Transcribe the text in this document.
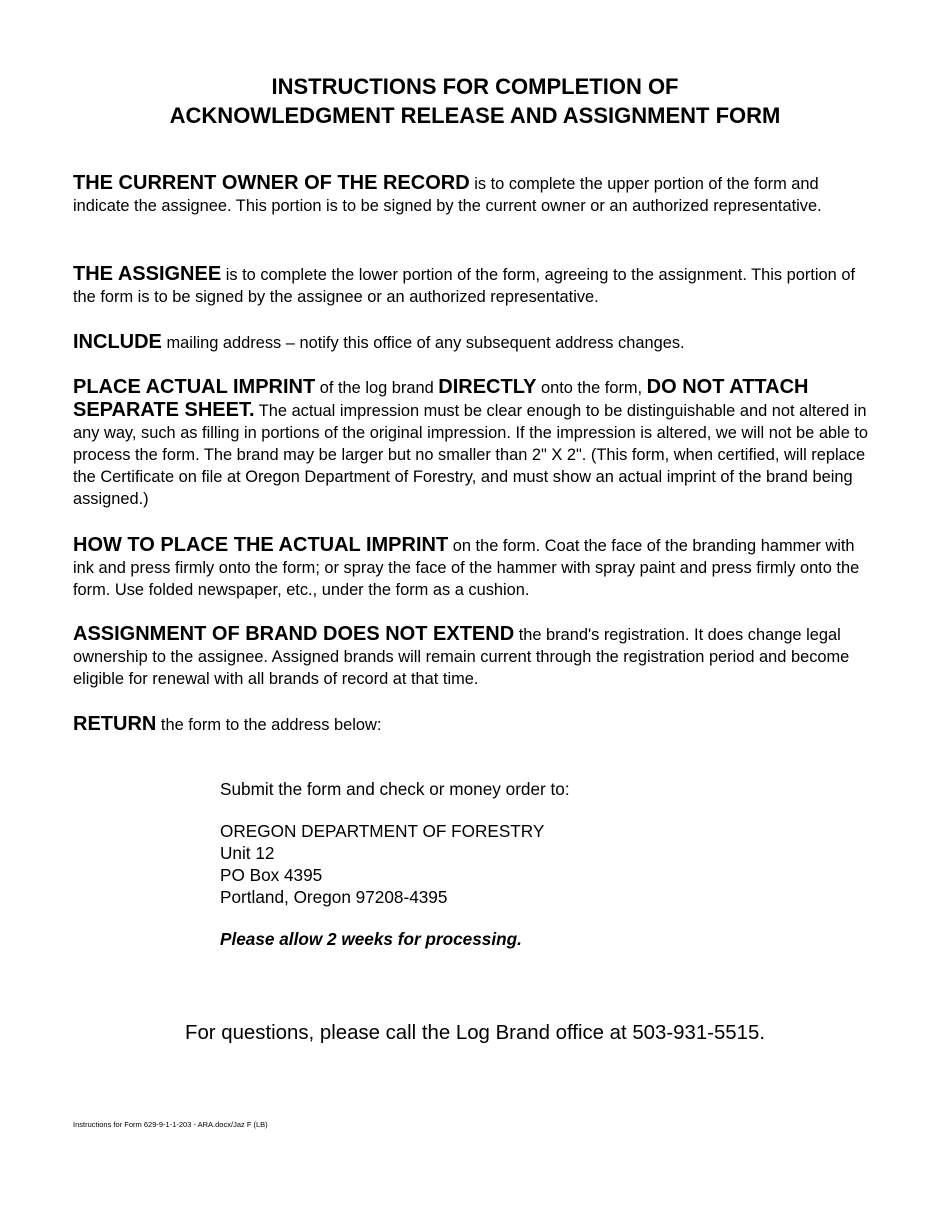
INSTRUCTIONS FOR COMPLETION OF
ACKNOWLEDGMENT RELEASE AND ASSIGNMENT FORM

THE CURRENT OWNER OF THE RECORD is to complete the upper portion of the form and indicate the assignee. This portion is to be signed by the current owner or an authorized representative.

THE ASSIGNEE is to complete the lower portion of the form, agreeing to the assignment. This portion of the form is to be signed by the assignee or an authorized representative.

INCLUDE mailing address – notify this office of any subsequent address changes.

PLACE ACTUAL IMPRINT of the log brand DIRECTLY onto the form, DO NOT ATTACH SEPARATE SHEET. The actual impression must be clear enough to be distinguishable and not altered in any way, such as filling in portions of the original impression. If the impression is altered, we will not be able to process the form. The brand may be larger but no smaller than 2" X 2". (This form, when certified, will replace the Certificate on file at Oregon Department of Forestry, and must show an actual imprint of the brand being assigned.)

HOW TO PLACE THE ACTUAL IMPRINT on the form. Coat the face of the branding hammer with ink and press firmly onto the form; or spray the face of the hammer with spray paint and press firmly onto the form. Use folded newspaper, etc., under the form as a cushion.

ASSIGNMENT OF BRAND DOES NOT EXTEND the brand's registration. It does change legal ownership to the assignee. Assigned brands will remain current through the registration period and become eligible for renewal with all brands of record at that time.

RETURN the form to the address below:

Submit the form and check or money order to:

OREGON DEPARTMENT OF FORESTRY
Unit 12
PO Box 4395
Portland, Oregon 97208-4395

Please allow 2 weeks for processing.

For questions, please call the Log Brand office at 503-931-5515.

Instructions for Form 629-9-1-1-203 - ARA.docx/Jaz F (LB)
